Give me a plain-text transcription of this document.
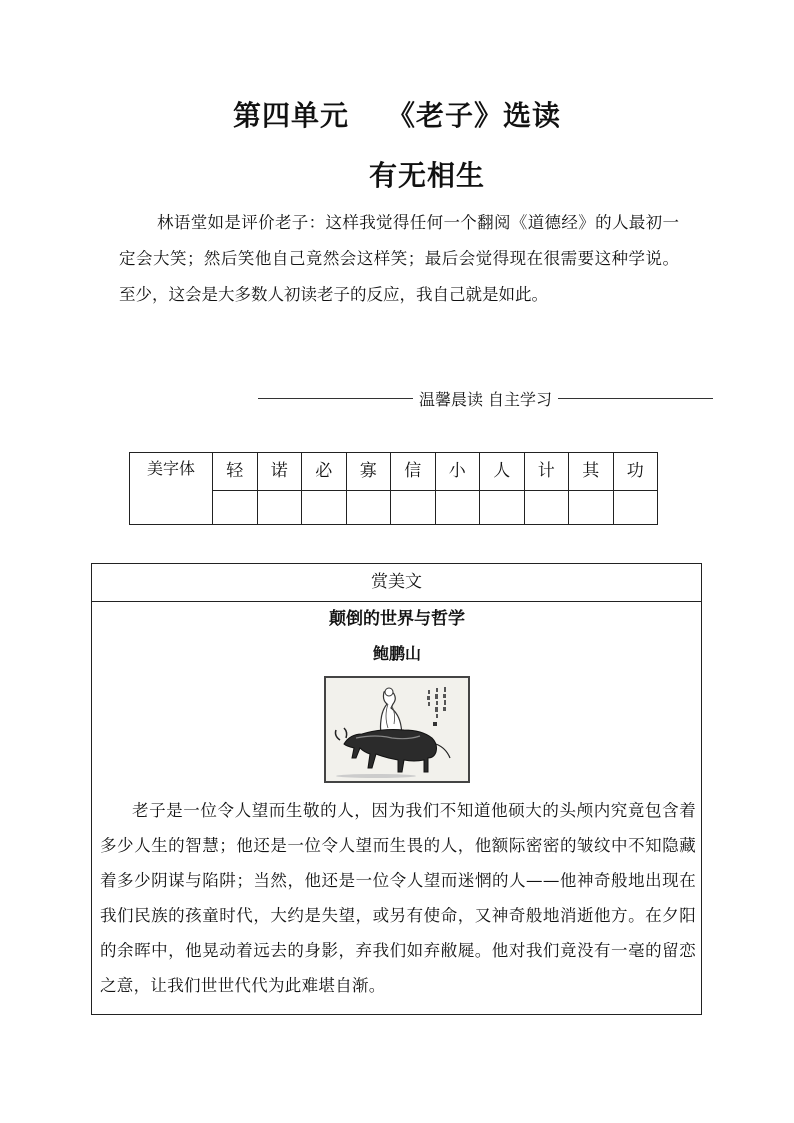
第四单元 《老子》选读
有无相生
林语堂如是评价老子：这样我觉得任何一个翻阅《道德经》的人最初一定会大笑；然后笑他自己竟然会这样笑；最后会觉得现在很需要这种学说。至少，这会是大多数人初读老子的反应，我自己就是如此。
温馨晨读 自主学习
美字体	轻	诺	必	寡	信	小	人	计	其	功

赏美文
颠倒的世界与哲学
鲍鹏山
老子是一位令人望而生敬的人，因为我们不知道他硕大的头颅内究竟包含着多少人生的智慧；他还是一位令人望而生畏的人，他额际密密的皱纹中不知隐藏着多少阴谋与陷阱；当然，他还是一位令人望而迷惘的人——他神奇般地出现在我们民族的孩童时代，大约是失望，或另有使命，又神奇般地消逝他方。在夕阳的余晖中，他晃动着远去的身影，弃我们如弃敝屣。他对我们竟没有一毫的留恋之意，让我们世世代代为此难堪自渐。
